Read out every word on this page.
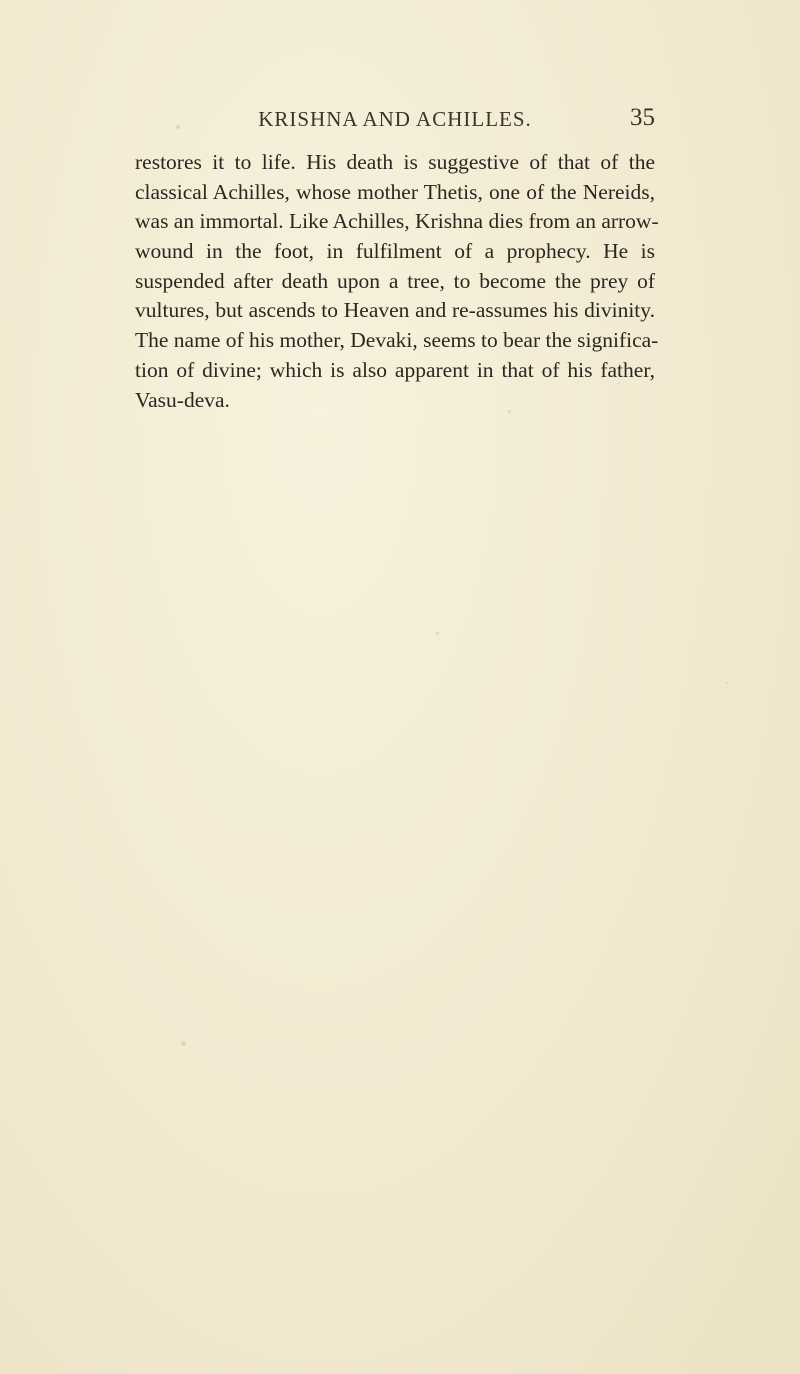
KRISHNA AND ACHILLES.	35
restores it to life. His death is suggestive of that of the
classical Achilles, whose mother Thetis, one of the Nereids,
was an immortal. Like Achilles, Krishna dies from an arrow-
wound in the foot, in fulfilment of a prophecy. He is
suspended after death upon a tree, to become the prey of
vultures, but ascends to Heaven and re-assumes his divinity.
The name of his mother, Devaki, seems to bear the significa-
tion of divine; which is also apparent in that of his father,
Vasu-deva.
